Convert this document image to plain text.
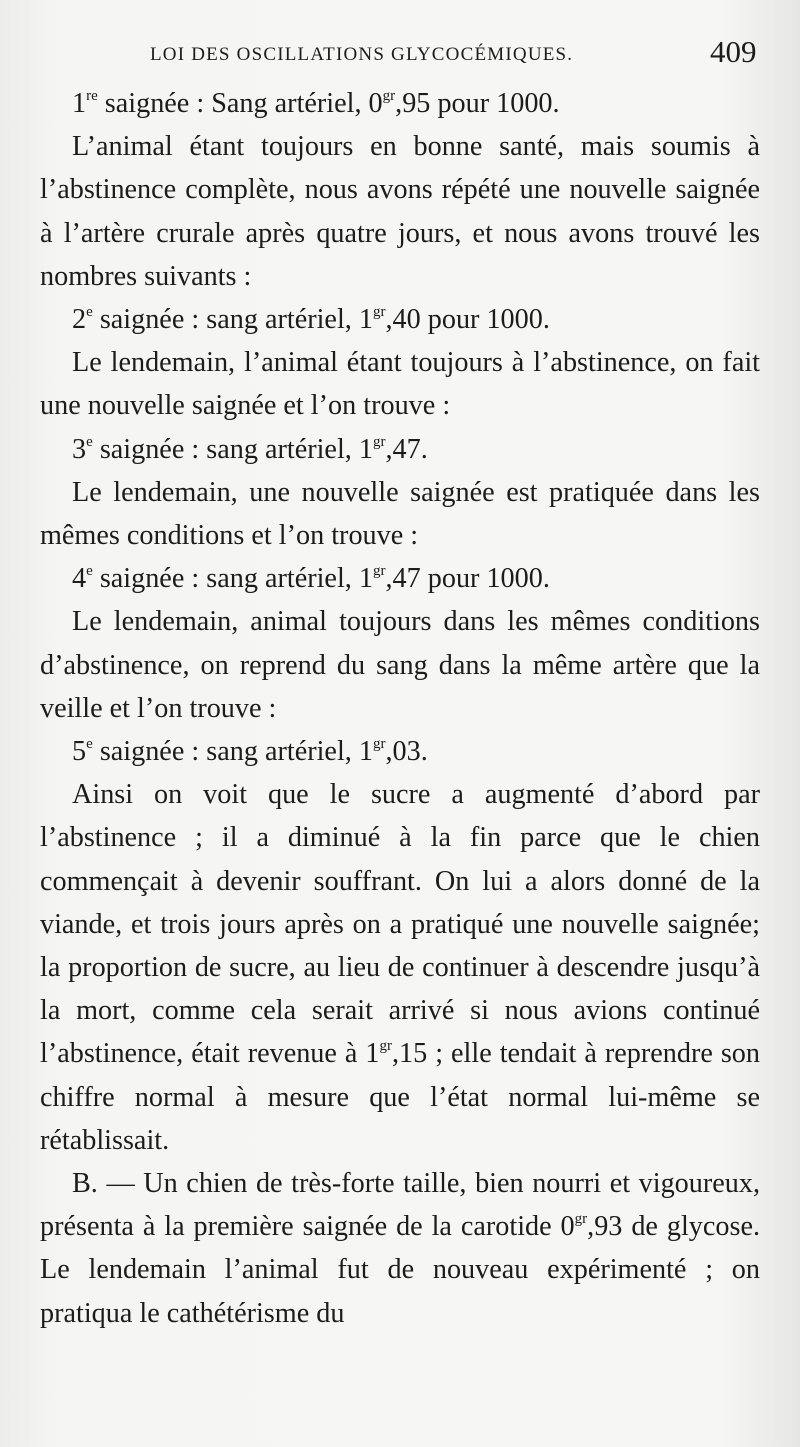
LOI DES OSCILLATIONS GLYCOCÉMIQUES.	409

1re saignée : Sang artériel, $0^{gr},95$ pour 1000.

L’animal étant toujours en bonne santé, mais soumis à l’abstinence complète, nous avons répété une nouvelle saignée à l’artère crurale après quatre jours, et nous avons trouvé les nombres suivants :

2e saignée : sang artériel, $1^{gr},40$ pour 1000.

Le lendemain, l’animal étant toujours à l’abstinence, on fait une nouvelle saignée et l’on trouve :

3e saignée : sang artériel, $1^{gr},47$.

Le lendemain, une nouvelle saignée est pratiquée dans les mêmes conditions et l’on trouve :

4e saignée : sang artériel, $1^{gr},47$ pour 1000.

Le lendemain, animal toujours dans les mêmes conditions d’abstinence, on reprend du sang dans la même artère que la veille et l’on trouve :

5e saignée : sang artériel, $1^{gr},03$.

Ainsi on voit que le sucre a augmenté d’abord par l’abstinence ; il a diminué à la fin parce que le chien commençait à devenir souffrant. On lui a alors donné de la viande, et trois jours après on a pratiqué une nouvelle saignée; la proportion de sucre, au lieu de continuer à descendre jusqu’à la mort, comme cela serait arrivé si nous avions continué l’abstinence, était revenue à $1^{gr},15$ ; elle tendait à reprendre son chiffre normal à mesure que l’état normal lui-même se rétablissait.

B. — Un chien de très-forte taille, bien nourri et vigoureux, présenta à la première saignée de la carotide $0^{gr},93$ de glycose. Le lendemain l’animal fut de nouveau expérimenté ; on pratiqua le cathétérisme du
